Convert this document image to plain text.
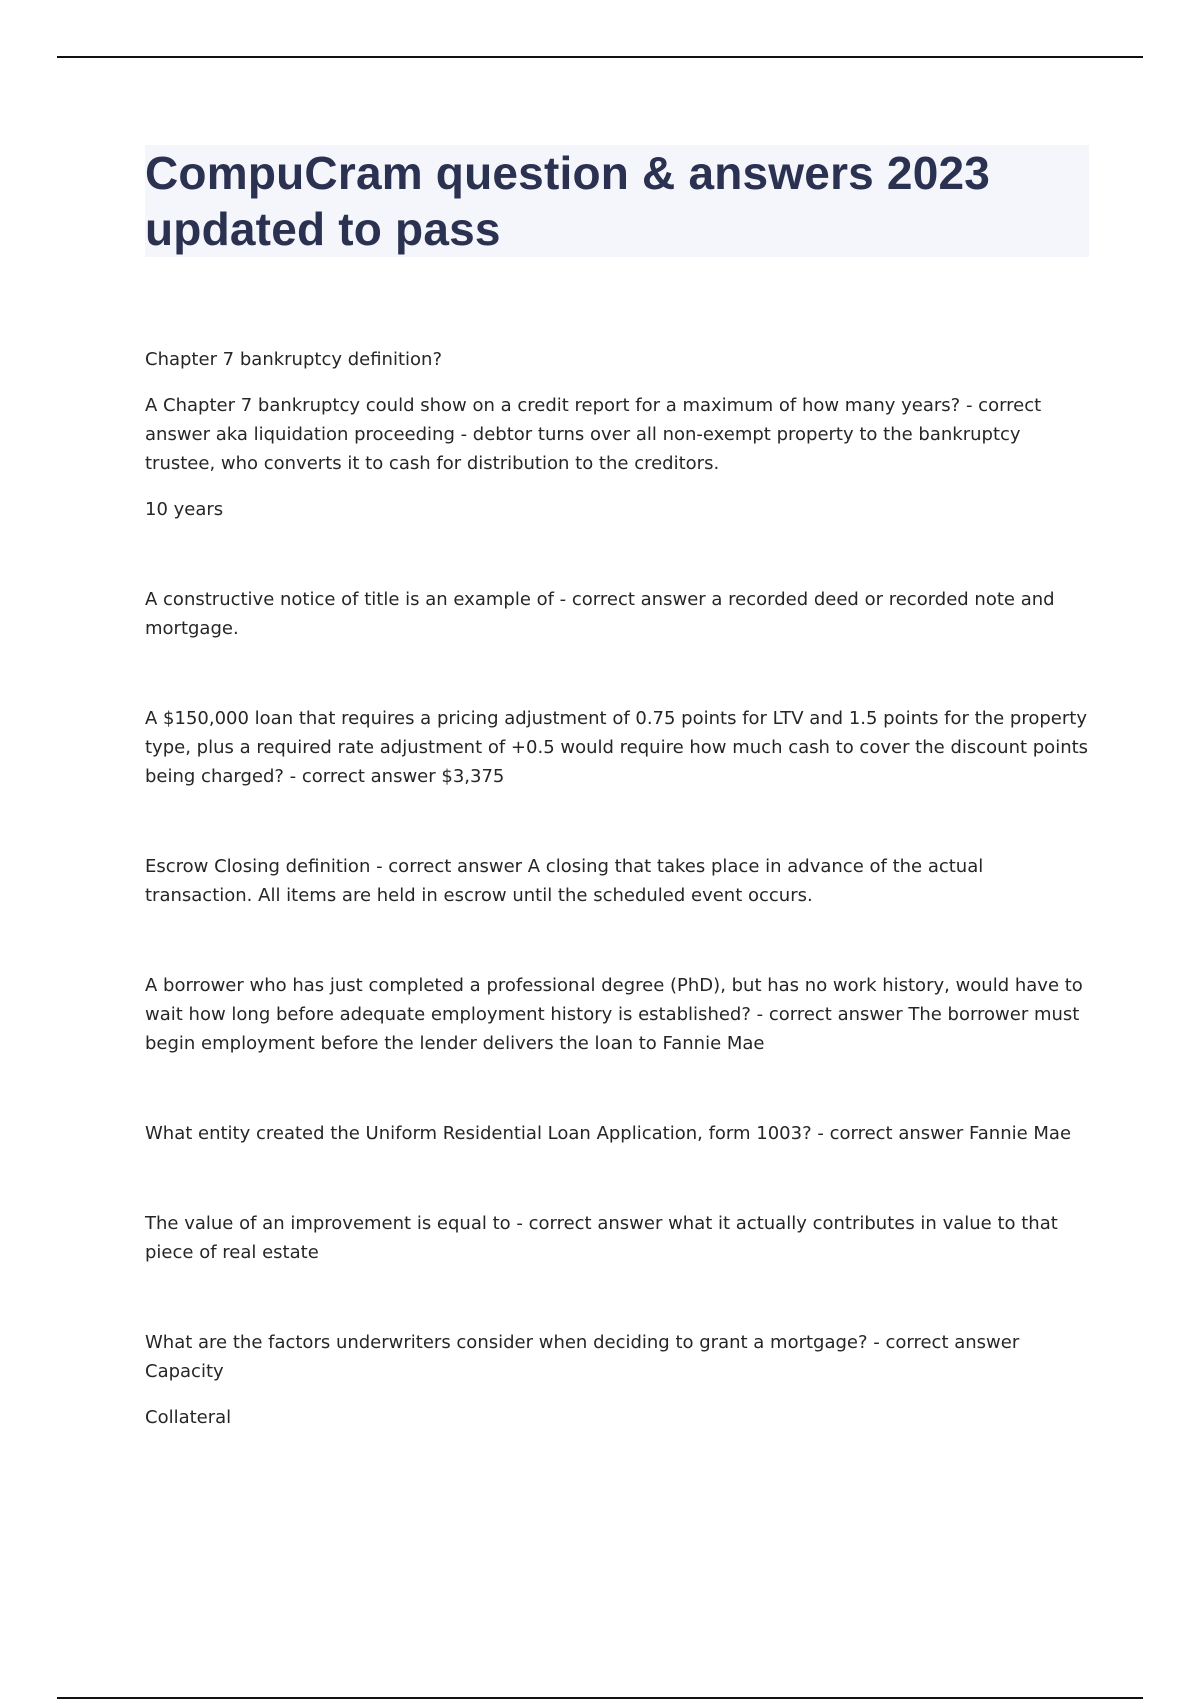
CompuCram question & answers 2023 updated to pass

Chapter 7 bankruptcy definition?

A Chapter 7 bankruptcy could show on a credit report for a maximum of how many years? - correct answer aka liquidation proceeding - debtor turns over all non-exempt property to the bankruptcy trustee, who converts it to cash for distribution to the creditors.

10 years

A constructive notice of title is an example of - correct answer a recorded deed or recorded note and mortgage.

A $150,000 loan that requires a pricing adjustment of 0.75 points for LTV and 1.5 points for the property type, plus a required rate adjustment of +0.5 would require how much cash to cover the discount points being charged? - correct answer $3,375

Escrow Closing definition - correct answer A closing that takes place in advance of the actual transaction. All items are held in escrow until the scheduled event occurs.

A borrower who has just completed a professional degree (PhD), but has no work history, would have to wait how long before adequate employment history is established? - correct answer The borrower must begin employment before the lender delivers the loan to Fannie Mae

What entity created the Uniform Residential Loan Application, form 1003? - correct answer Fannie Mae

The value of an improvement is equal to - correct answer what it actually contributes in value to that piece of real estate

What are the factors underwriters consider when deciding to grant a mortgage? - correct answer Capacity

Collateral
